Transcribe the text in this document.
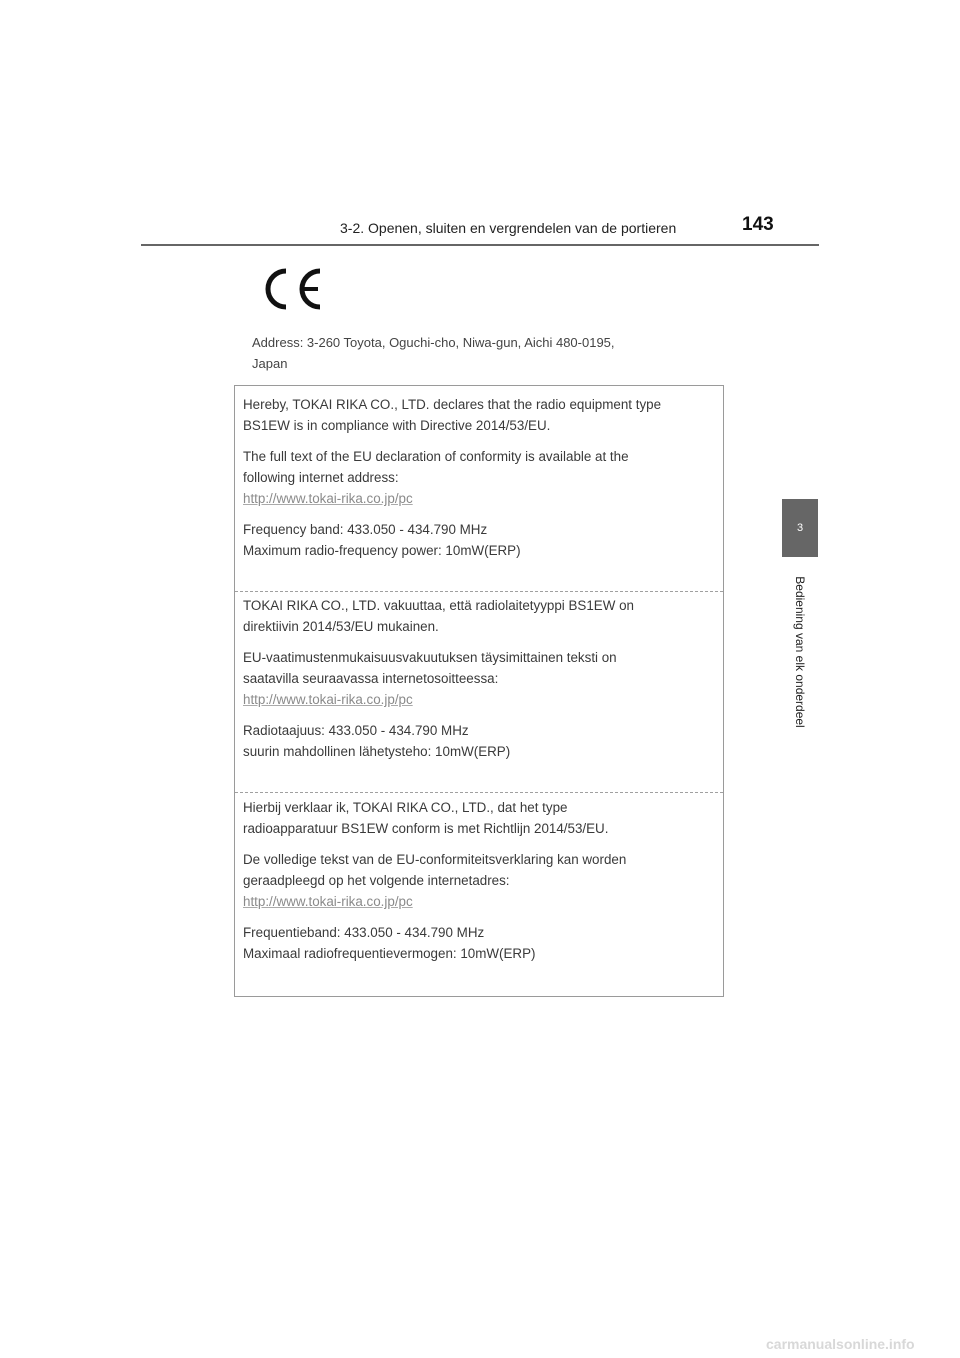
3-2. Openen, sluiten en vergrendelen van de portieren	143
3
Bediening van elk onderdeel
Address: 3-260 Toyota, Oguchi-cho, Niwa-gun, Aichi 480-0195,
Japan

Hereby, TOKAI RIKA CO., LTD. declares that the radio equipment type

BS1EW is in compliance with Directive 2014/53/EU.

The full text of the EU declaration of conformity is available at the

following internet address:

http://www.tokai-rika.co.jp/pc

Frequency band: 433.050 - 434.790 MHz

Maximum radio-frequency power: 10mW(ERP)

TOKAI RIKA CO., LTD. vakuuttaa, että radiolaitetyyppi BS1EW on

direktiivin 2014/53/EU mukainen.

EU-vaatimustenmukaisuusvakuutuksen täysimittainen teksti on

saatavilla seuraavassa internetosoitteessa:

http://www.tokai-rika.co.jp/pc

Radiotaajuus: 433.050 - 434.790 MHz

suurin mahdollinen lähetysteho: 10mW(ERP)

Hierbij verklaar ik, TOKAI RIKA CO., LTD., dat het type

radioapparatuur BS1EW conform is met Richtlijn 2014/53/EU.

De volledige tekst van de EU-conformiteitsverklaring kan worden

geraadpleegd op het volgende internetadres:

http://www.tokai-rika.co.jp/pc

Frequentieband: 433.050 - 434.790 MHz

Maximaal radiofrequentievermogen: 10mW(ERP)

carmanualsonline.info
